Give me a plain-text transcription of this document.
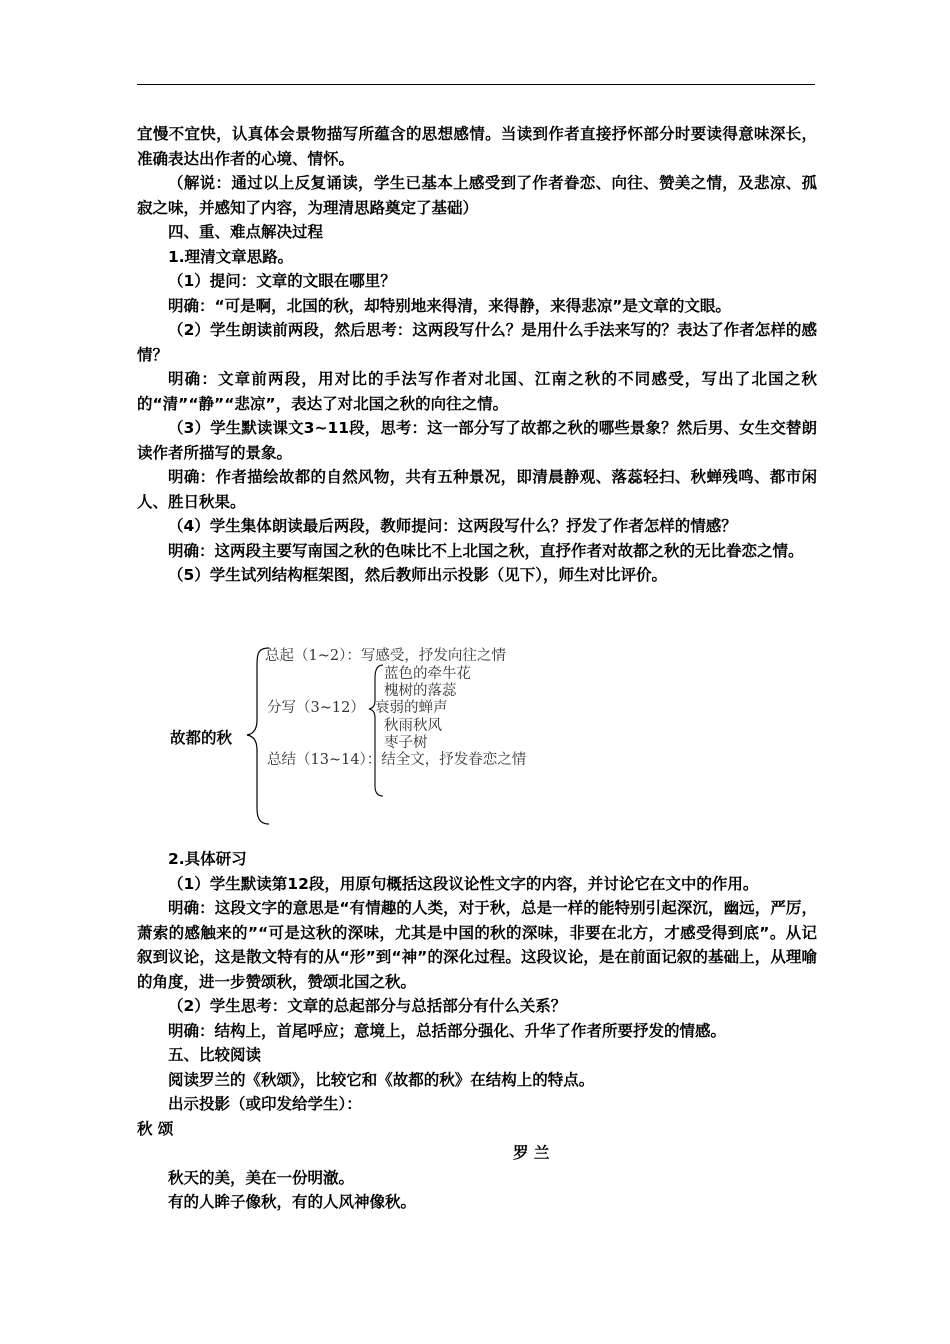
宜慢不宜快，认真体会景物描写所蕴含的思想感情。当读到作者直接抒怀部分时要读得意味深长，准确表达出作者的心境、情怀。

（解说：通过以上反复诵读，学生已基本上感受到了作者眷恋、向往、赞美之情，及悲凉、孤寂之味，并感知了内容，为理清思路奠定了基础）

四、重、难点解决过程

1.理清文章思路。

（1）提问：文章的文眼在哪里？

明确：“可是啊，北国的秋，却特别地来得清，来得静，来得悲凉”是文章的文眼。

（2）学生朗读前两段，然后思考：这两段写什么？是用什么手法来写的？表达了作者怎样的感情？

明确：文章前两段，用对比的手法写作者对北国、江南之秋的不同感受，写出了北国之秋的“清”“静”“悲凉”，表达了对北国之秋的向往之情。

（3）学生默读课文3~11段，思考：这一部分写了故都之秋的哪些景象？然后男、女生交替朗读作者所描写的景象。

明确：作者描绘故都的自然风物，共有五种景况，即清晨静观、落蕊轻扫、秋蝉残鸣、都市闲人、胜日秋果。

（4）学生集体朗读最后两段，教师提问：这两段写什么？抒发了作者怎样的情感？

明确：这两段主要写南国之秋的色味比不上北国之秋，直抒作者对故都之秋的无比眷恋之情。

（5）学生试列结构框架图，然后教师出示投影（见下），师生对比评价。

故都的秋
总起（1~2）：写感受，抒发向往之情
分写（3~12）
蓝色的牵牛花
槐树的落蕊
衰弱的蝉声
秋雨秋风
枣子树
总结（13~14）：结全文，抒发眷恋之情

2.具体研习

（1）学生默读第12段，用原句概括这段议论性文字的内容，并讨论它在文中的作用。

明确：这段文字的意思是“有情趣的人类，对于秋，总是一样的能特别引起深沉，幽远，严厉，萧索的感触来的”“可是这秋的深味，尤其是中国的秋的深味，非要在北方，才感受得到底”。从记叙到议论，这是散文特有的从“形”到“神”的深化过程。这段议论，是在前面记叙的基础上，从理喻的角度，进一步赞颂秋，赞颂北国之秋。

（2）学生思考：文章的总起部分与总括部分有什么关系？

明确：结构上，首尾呼应；意境上，总括部分强化、升华了作者所要抒发的情感。

五、比较阅读

阅读罗兰的《秋颂》，比较它和《故都的秋》在结构上的特点。

出示投影（或印发给学生）：

秋 颂

罗 兰

秋天的美，美在一份明澈。

有的人眸子像秋，有的人风神像秋。
